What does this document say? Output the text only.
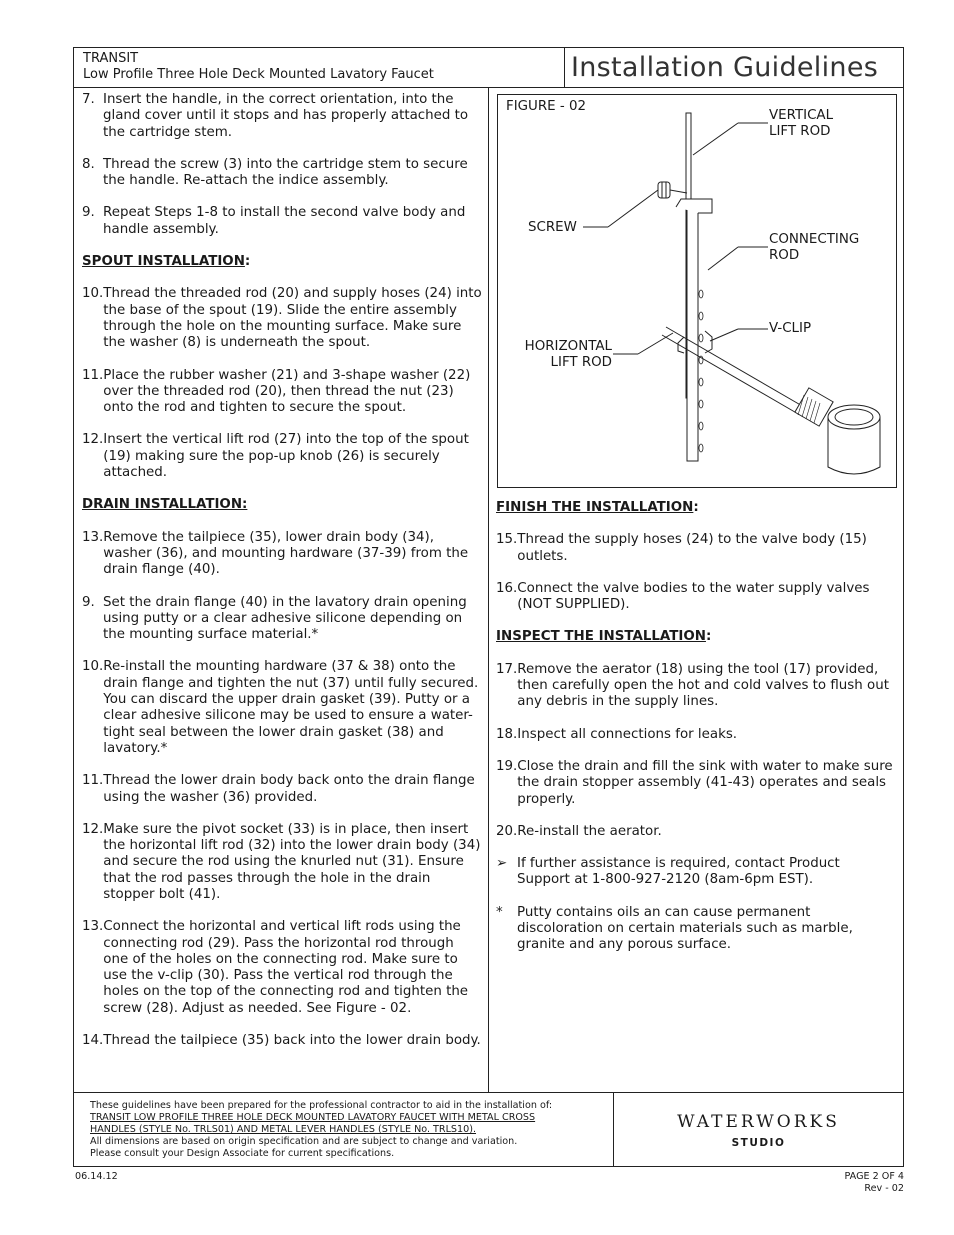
TRANSIT
Low Profile Three Hole Deck Mounted Lavatory Faucet	Installation Guidelines
7. Insert the handle, in the correct orientation, into the gland cover until it stops and has properly attached to the cartridge stem.
8. Thread the screw (3) into the cartridge stem to secure the handle. Re-attach the indice assembly.
9. Repeat Steps 1-8 to install the second valve body and handle assembly.
SPOUT INSTALLATION:
10. Thread the threaded rod (20) and supply hoses (24) into the base of the spout (19). Slide the entire assembly through the hole on the mounting surface. Make sure the washer (8) is underneath the spout.
11. Place the rubber washer (21) and 3-shape washer (22) over the threaded rod (20), then thread the nut (23) onto the rod and tighten to secure the spout.
12. Insert the vertical lift rod (27) into the top of the spout (19) making sure the pop-up knob (26) is securely attached.
DRAIN INSTALLATION:
13. Remove the tailpiece (35), lower drain body (34), washer (36), and mounting hardware (37-39) from the drain flange (40).
9. Set the drain flange (40) in the lavatory drain opening using putty or a clear adhesive silicone depending on the mounting surface material.*
10. Re-install the mounting hardware (37 & 38) onto the drain flange and tighten the nut (37) until fully secured. You can discard the upper drain gasket (39). Putty or a clear adhesive silicone may be used to ensure a water-tight seal between the lower drain gasket (38) and lavatory.*
11. Thread the lower drain body back onto the drain flange using the washer (36) provided.
12. Make sure the pivot socket (33) is in place, then insert the horizontal lift rod (32) into the lower drain body (34) and secure the rod using the knurled nut (31). Ensure that the rod passes through the hole in the drain stopper bolt (41).
13. Connect the horizontal and vertical lift rods using the connecting rod (29). Pass the horizontal rod through one of the holes on the connecting rod. Make sure to use the v-clip (30). Pass the vertical rod through the holes on the top of the connecting rod and tighten the screw (28). Adjust as needed. See Figure - 02.
14. Thread the tailpiece (35) back into the lower drain body.
FIGURE - 02
VERTICAL
LIFT ROD
SCREW
CONNECTING
ROD
V-CLIP
HORIZONTAL
LIFT ROD
FINISH THE INSTALLATION:
15. Thread the supply hoses (24) to the valve body (15) outlets.
16. Connect the valve bodies to the water supply valves (NOT SUPPLIED).
INSPECT THE INSTALLATION:
17. Remove the aerator (18) using the tool (17) provided, then carefully open the hot and cold valves to flush out any debris in the supply lines.
18. Inspect all connections for leaks.
19. Close the drain and fill the sink with water to make sure the drain stopper assembly (41-43) operates and seals properly.
20. Re-install the aerator.
➢ If further assistance is required, contact Product Support at 1-800-927-2120 (8am-6pm EST).
*	Putty contains oils an can cause permanent discoloration on certain materials such as marble, granite and any porous surface.
These guidelines have been prepared for the professional contractor to aid in the installation of:
TRANSIT LOW PROFILE THREE HOLE DECK MOUNTED LAVATORY FAUCET WITH METAL CROSS
HANDLES (STYLE No. TRLS01) AND METAL LEVER HANDLES (STYLE No. TRLS10).
All dimensions are based on origin specification and are subject to change and variation.
Please consult your Design Associate for current specifications.
WATERWORKS
STUDIO
06.14.12	PAGE 2 OF 4
Rev - 02
